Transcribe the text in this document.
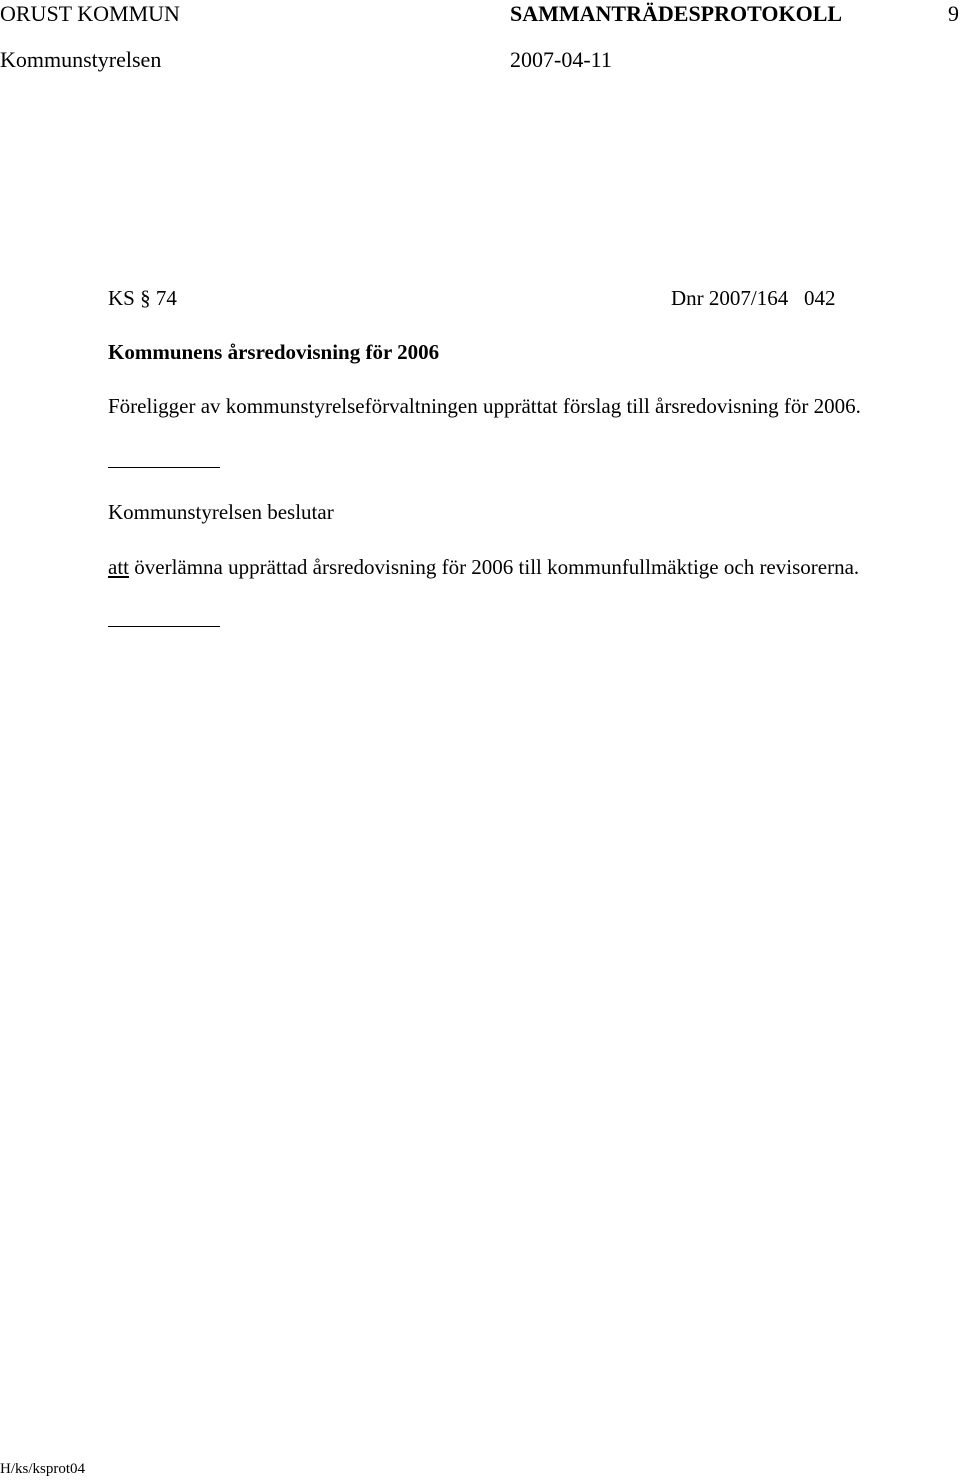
ORUST KOMMUN	SAMMANTRÄDESPROTOKOLL	9
Kommunstyrelsen	2007-04-11
KS § 74	Dnr 2007/164   042
Kommunens årsredovisning för 2006
Föreligger av kommunstyrelseförvaltningen upprättat förslag till årsredovisning för 2006.
Kommunstyrelsen beslutar
att överlämna upprättad årsredovisning för 2006 till kommunfullmäktige och revisorerna.
H/ks/ksprot04
